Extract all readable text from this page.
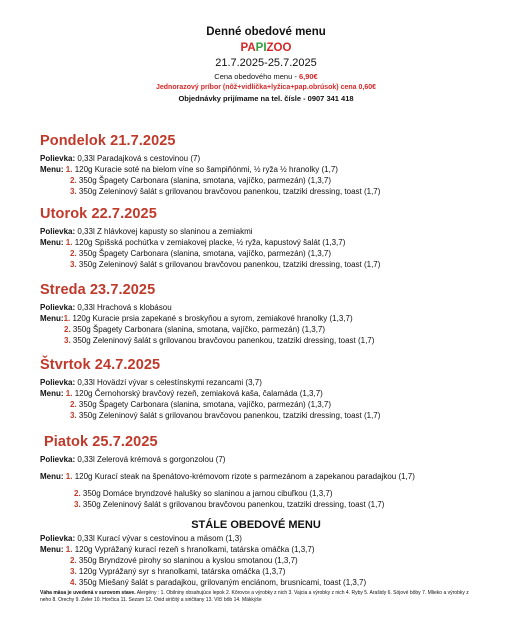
Denné obedové menu
PAPIZOO
21.7.2025-25.7.2025
Cena obedového menu - 6,90€
Jednorazový príbor (nôž+vidlička+lyžica+pap.obrúsok) cena 0,60€
Objednávky prijímame na tel. čísle - 0907 341 418
Pondelok 21.7.2025
Polievka: 0,33l Paradajková s cestovinou (7)
Menu: 1. 120g Kuracie soté na bielom víne so šampiňónmi, ½ ryža ½ hranolky (1,7)
2. 350g Špagety Carbonara (slanina, smotana, vajíčko, parmezán) (1,3,7)
3. 350g Zeleninový šalát s grilovanou bravčovou panenkou, tzatziki dressing, toast (1,7)
Utorok 22.7.2025
Polievka: 0,33l Z hlávkovej kapusty so slaninou a zemiakmi
Menu: 1. 120g Spišská pochúťka v zemiakovej placke, ½ ryža, kapustový šalát (1,3,7)
2. 350g Špagety Carbonara (slanina, smotana, vajíčko, parmezán) (1,3,7)
3. 350g Zeleninový šalát s grilovanou bravčovou panenkou, tzatziki dressing, toast (1,7)
Streda 23.7.2025
Polievka: 0,33l Hrachová s klobásou
Menu:1. 120g Kuracie prsia zapekané s broskyňou a syrom, zemiakové hranolky (1,3,7)
2. 350g Špagety Carbonara (slanina, smotana, vajíčko, parmezán) (1,3,7)
3. 350g Zeleninový šalát s grilovanou bravčovou panenkou, tzatziki dressing, toast (1,7)
Štvrtok 24.7.2025
Polievka: 0,33l Hovädzí vývar s celestínskymi rezancami (3,7)
Menu: 1. 120g Černohorský bravčový rezeň, zemiaková kaša, čalamáda (1,3,7)
2. 350g Špagety Carbonara (slanina, smotana, vajíčko, parmezán) (1,3,7)
3. 350g Zeleninový šalát s grilovanou bravčovou panenkou, tzatziki dressing, toast (1,7)
Piatok 25.7.2025
Polievka: 0,33l Zelerová krémová s gorgonzolou (7)
Menu: 1. 120g Kurací steak na špenátovo-krémovom rizote s parmezánom a zapekanou paradajkou (1,7)
2. 350g Domáce bryndzové halušky so slaninou a jarnou cibuľkou (1,3,7)
3. 350g Zeleninový šalát s grilovanou bravčovou panenkou, tzatziki dressing, toast (1,7)
STÁLE OBEDOVÉ MENU
Polievka: 0,33l Kurací vývar s cestovinou a mäsom (1,3)
Menu: 1. 120g Vyprážaný kurací rezeň s hranolkami, tatárska omáčka (1,3,7)
2. 350g Bryndzové pirohy so slaninou a kyslou smotanou (1,3,7)
3. 120g Vyprážaný syr s hranolkami, tatárska omáčka (1,3,7)
4. 350g Miešaný šalát s paradajkou, grilovaným enciánom, brusnicami, toast (1,3,7)
Váha mäsa je uvedená v surovom stave. Alergény : 1. Obilniny obsahujúce lepok 2. Kôrovce a výrobky z nich 3. Vajcia a výrobky z nich 4. Ryby 5. Arašidy 6. Sójové bôby 7. Mlieko a výrobky z neho 8. Orechy 9. Zeler 10. Horčica 11. Sezam 12. Oxid siričitý a siričitany 13. Vlčí bôb 14. Mäkkýše
